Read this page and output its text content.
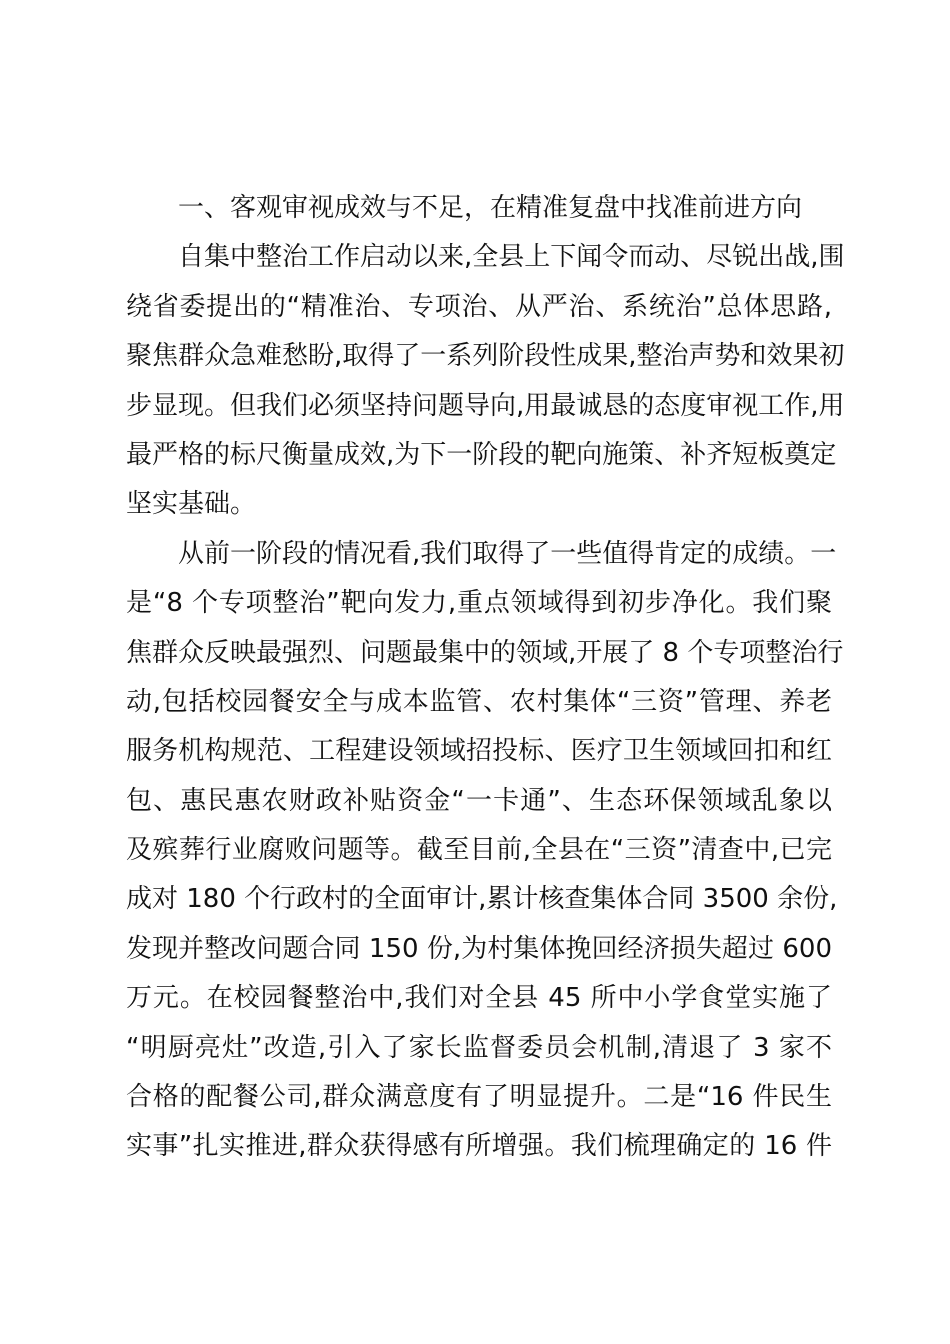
一、客观审视成效与不足，在精准复盘中找准前进方向
自集中整治工作启动以来,全县上下闻令而动、尽锐出战,围
绕省委提出的“精准治、专项治、从严治、系统治”总体思路,
聚焦群众急难愁盼,取得了一系列阶段性成果,整治声势和效果初
步显现。但我们必须坚持问题导向,用最诚恳的态度审视工作,用
最严格的标尺衡量成效,为下一阶段的靶向施策、补齐短板奠定
坚实基础。
从前一阶段的情况看,我们取得了一些值得肯定的成绩。一
是“8 个专项整治”靶向发力,重点领域得到初步净化。我们聚
焦群众反映最强烈、问题最集中的领域,开展了 8 个专项整治行
动,包括校园餐安全与成本监管、农村集体“三资”管理、养老
服务机构规范、工程建设领域招投标、医疗卫生领域回扣和红
包、惠民惠农财政补贴资金“一卡通”、生态环保领域乱象以
及殡葬行业腐败问题等。截至目前,全县在“三资”清查中,已完
成对 180 个行政村的全面审计,累计核查集体合同 3500 余份,
发现并整改问题合同 150 份,为村集体挽回经济损失超过 600
万元。在校园餐整治中,我们对全县 45 所中小学食堂实施了
“明厨亮灶”改造,引入了家长监督委员会机制,清退了 3 家不
合格的配餐公司,群众满意度有了明显提升。二是“16 件民生
实事”扎实推进,群众获得感有所增强。我们梳理确定的 16 件
